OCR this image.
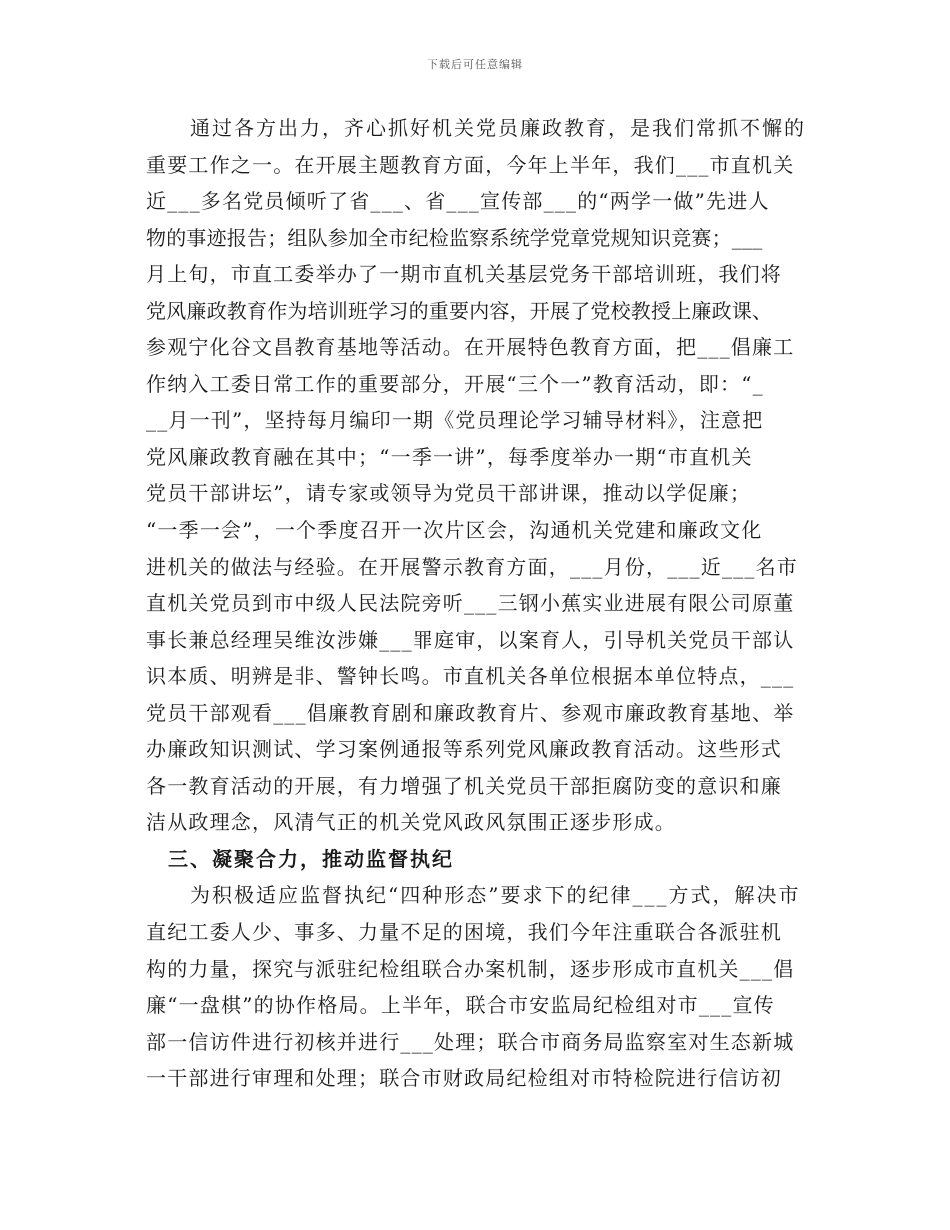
下载后可任意编辑
通过各方出力，齐心抓好机关党员廉政教育，是我们常抓不懈的
重要工作之一。在开展主题教育方面，今年上半年，我们___市直机关
近___多名党员倾听了省___、省___宣传部___的“两学一做”先进人
物的事迹报告；组队参加全市纪检监察系统学党章党规知识竞赛；___
月上旬，市直工委举办了一期市直机关基层党务干部培训班，我们将
党风廉政教育作为培训班学习的重要内容，开展了党校教授上廉政课、
参观宁化谷文昌教育基地等活动。在开展特色教育方面，把___倡廉工
作纳入工委日常工作的重要部分，开展“三个一”教育活动，即：“_
__月一刊”，坚持每月编印一期《党员理论学习辅导材料》，注意把
党风廉政教育融在其中；“一季一讲”，每季度举办一期“市直机关
党员干部讲坛”，请专家或领导为党员干部讲课，推动以学促廉；
“一季一会”，一个季度召开一次片区会，沟通机关党建和廉政文化
进机关的做法与经验。在开展警示教育方面，___月份，___近___名市
直机关党员到市中级人民法院旁听___三钢小蕉实业进展有限公司原董
事长兼总经理吴维汝涉嫌___罪庭审，以案育人，引导机关党员干部认
识本质、明辨是非、警钟长鸣。市直机关各单位根据本单位特点，___
党员干部观看___倡廉教育剧和廉政教育片、参观市廉政教育基地、举
办廉政知识测试、学习案例通报等系列党风廉政教育活动。这些形式
各一教育活动的开展，有力增强了机关党员干部拒腐防变的意识和廉
洁从政理念，风清气正的机关党风政风氛围正逐步形成。
三、凝聚合力，推动监督执纪
为积极适应监督执纪“四种形态”要求下的纪律___方式，解决市
直纪工委人少、事多、力量不足的困境，我们今年注重联合各派驻机
构的力量，探究与派驻纪检组联合办案机制，逐步形成市直机关___倡
廉“一盘棋”的协作格局。上半年，联合市安监局纪检组对市___宣传
部一信访件进行初核并进行___处理；联合市商务局监察室对生态新城
一干部进行审理和处理；联合市财政局纪检组对市特检院进行信访初
